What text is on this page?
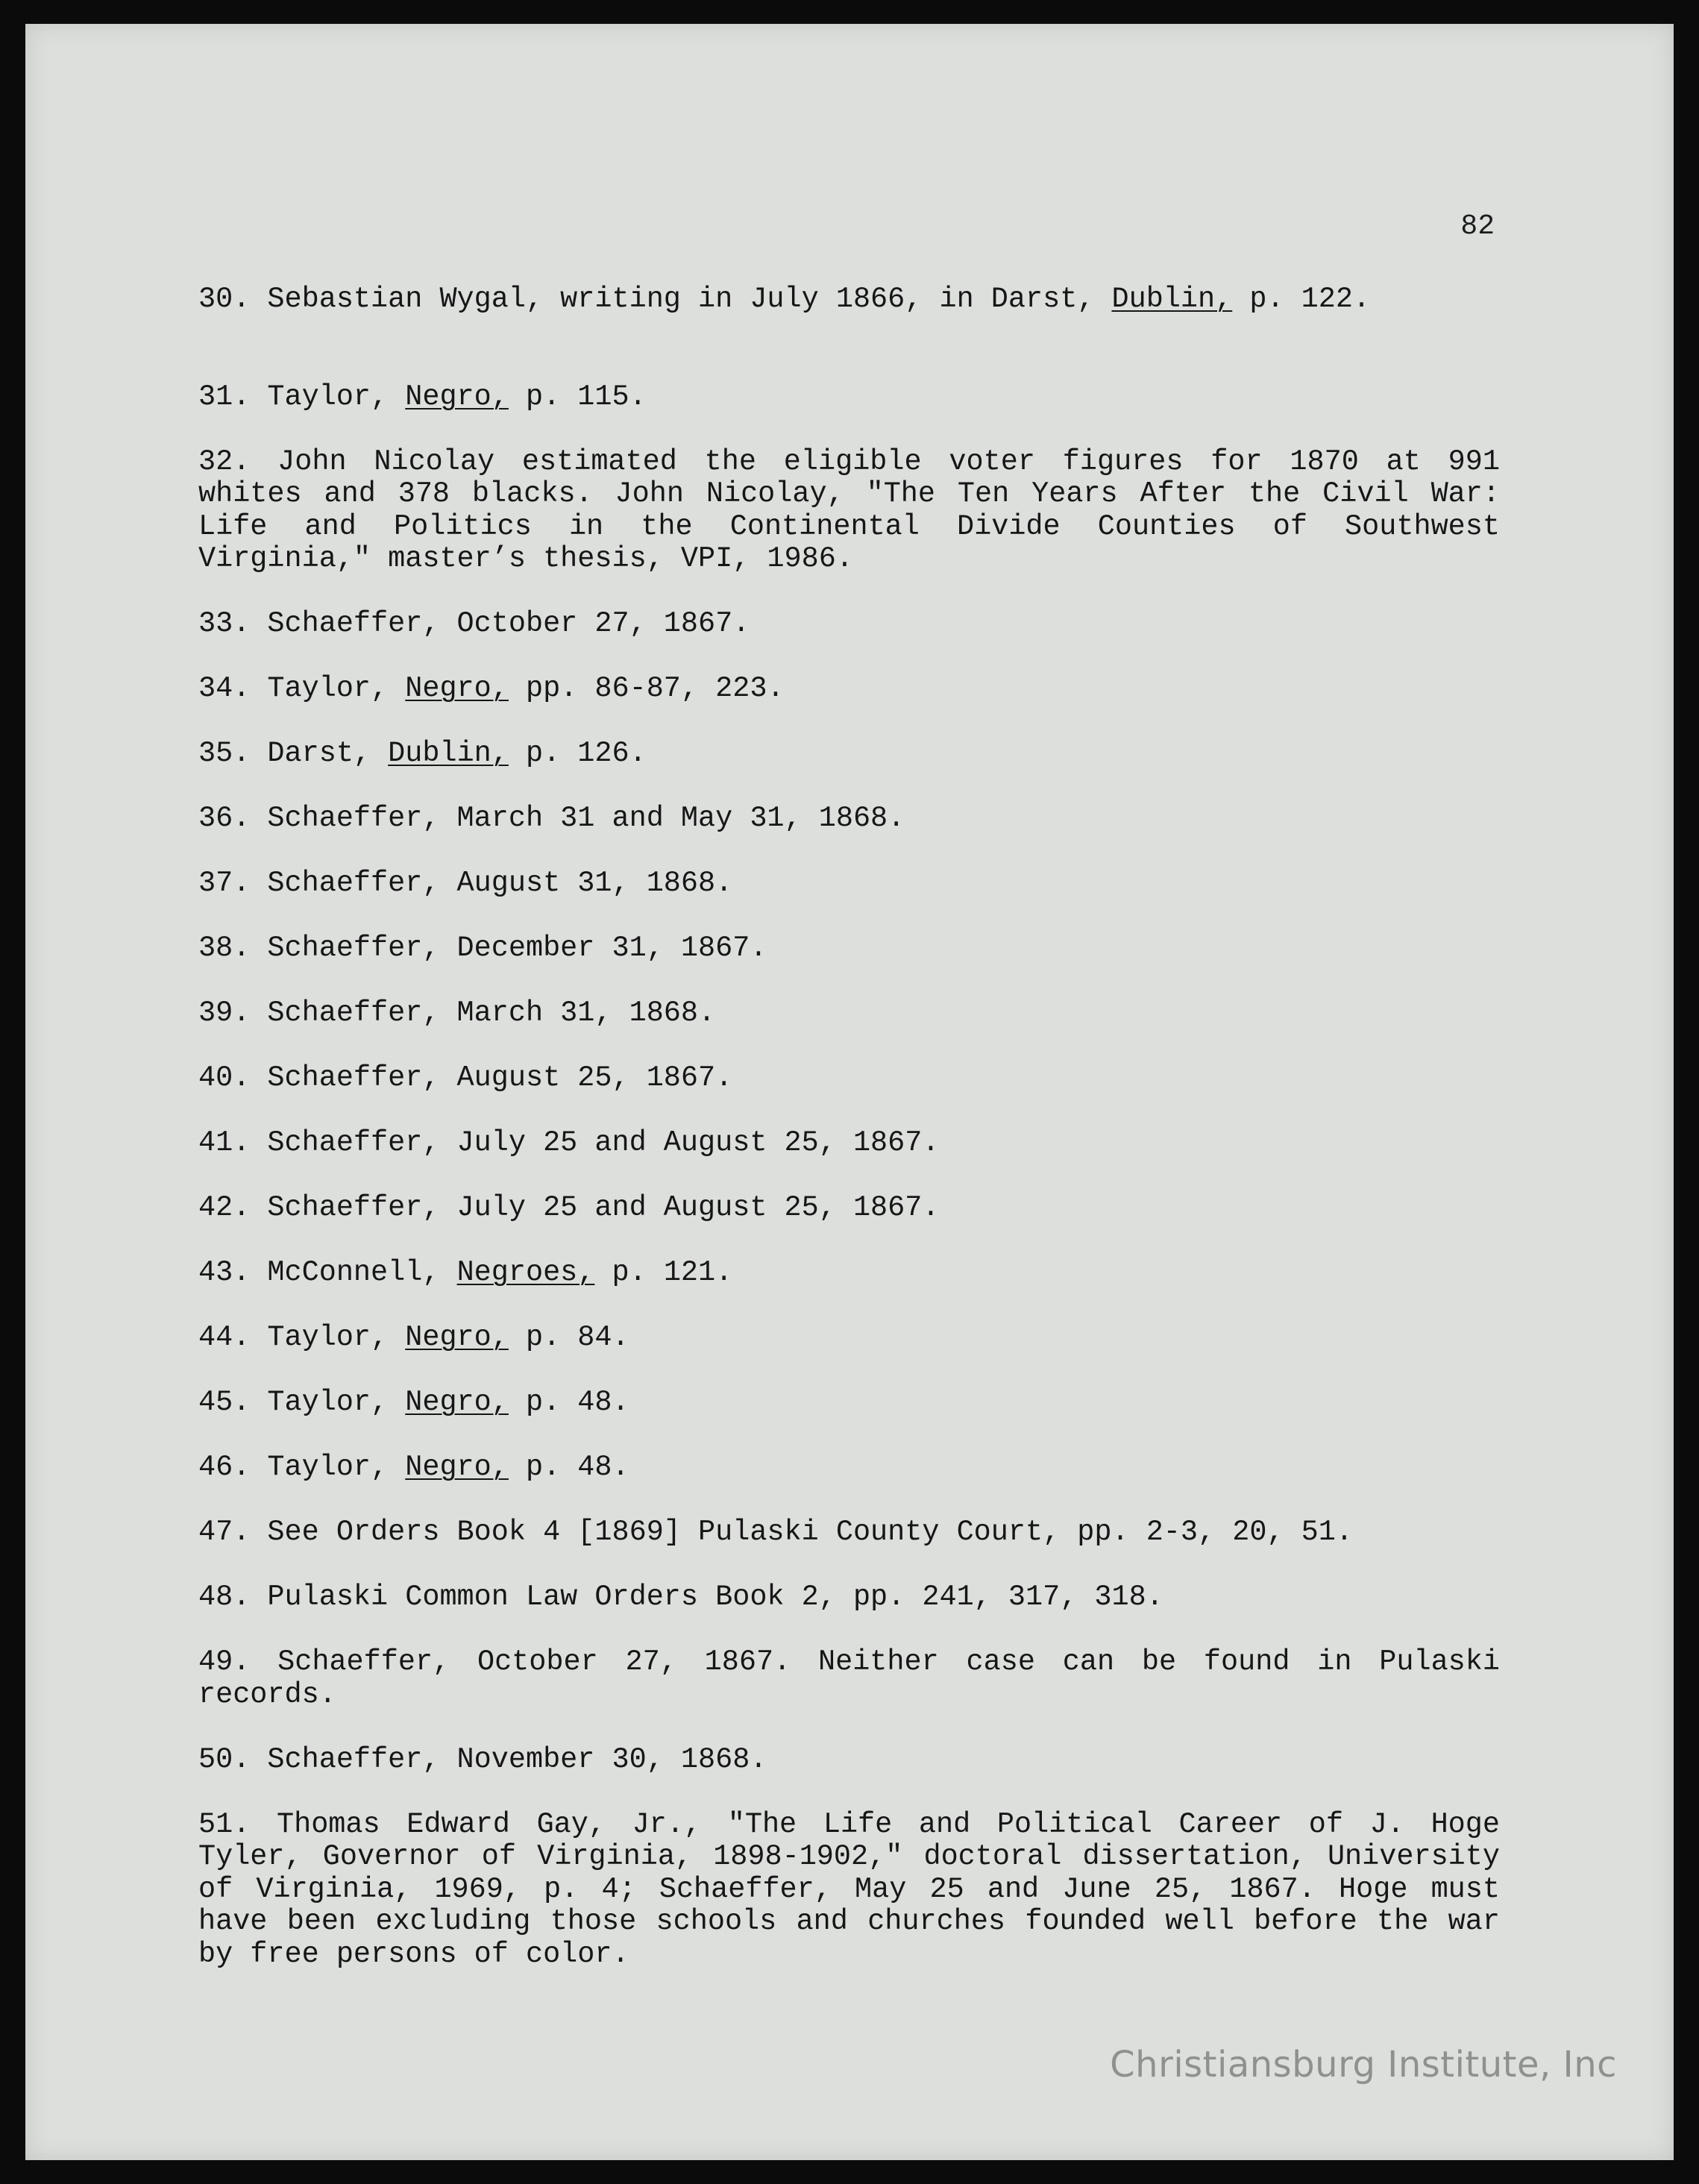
82
30. Sebastian Wygal, writing in July 1866, in Darst, Dublin, p. 122.
31. Taylor, Negro, p. 115.
32. John Nicolay estimated the eligible voter figures for 1870 at 991 whites and 378 blacks. John Nicolay, "The Ten Years After the Civil War: Life and Politics in the Continental Divide Counties of Southwest Virginia," master’s thesis, VPI, 1986.
33. Schaeffer, October 27, 1867.
34. Taylor, Negro, pp. 86-87, 223.
35. Darst, Dublin, p. 126.
36. Schaeffer, March 31 and May 31, 1868.
37. Schaeffer, August 31, 1868.
38. Schaeffer, December 31, 1867.
39. Schaeffer, March 31, 1868.
40. Schaeffer, August 25, 1867.
41. Schaeffer, July 25 and August 25, 1867.
42. Schaeffer, July 25 and August 25, 1867.
43. McConnell, Negroes, p. 121.
44. Taylor, Negro, p. 84.
45. Taylor, Negro, p. 48.
46. Taylor, Negro, p. 48.
47. See Orders Book 4 [1869] Pulaski County Court, pp. 2-3, 20, 51.
48. Pulaski Common Law Orders Book 2, pp. 241, 317, 318.
49. Schaeffer, October 27, 1867. Neither case can be found in Pulaski records.
50. Schaeffer, November 30, 1868.
51. Thomas Edward Gay, Jr., "The Life and Political Career of J. Hoge Tyler, Governor of Virginia, 1898-1902," doctoral dissertation, University of Virginia, 1969, p. 4; Schaeffer, May 25 and June 25, 1867. Hoge must have been excluding those schools and churches founded well before the war by free persons of color.
Christiansburg Institute, Inc
